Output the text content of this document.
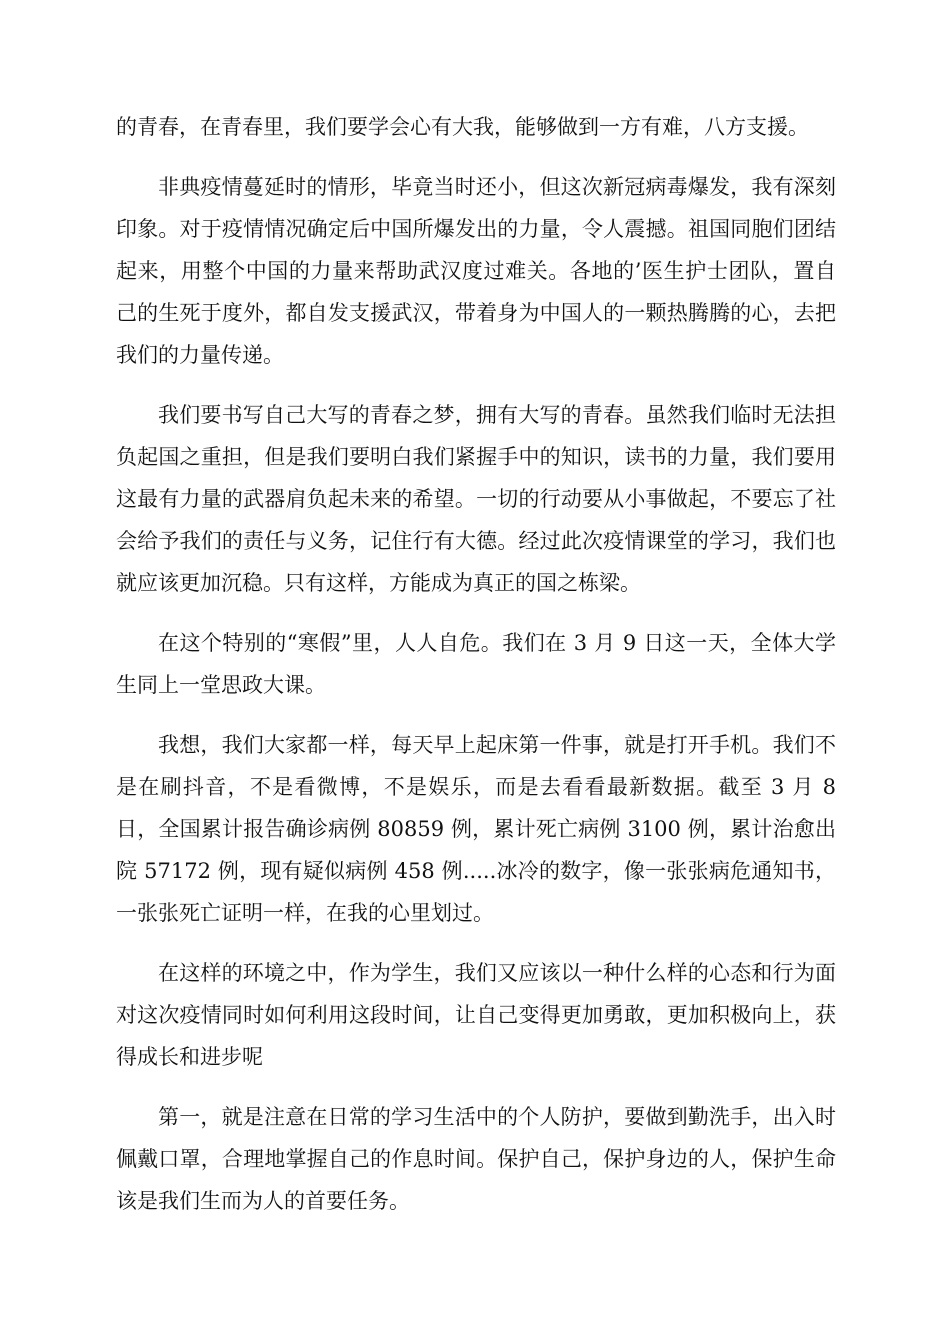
的青春，在青春里，我们要学会心有大我，能够做到一方有难，八方支援。

非典疫情蔓延时的情形，毕竟当时还小，但这次新冠病毒爆发，我有深刻印象。对于疫情情况确定后中国所爆发出的力量，令人震撼。祖国同胞们团结起来，用整个中国的力量来帮助武汉度过难关。各地的’医生护士团队，置自己的生死于度外，都自发支援武汉，带着身为中国人的一颗热腾腾的心，去把我们的力量传递。

我们要书写自己大写的青春之梦，拥有大写的青春。虽然我们临时无法担负起国之重担，但是我们要明白我们紧握手中的知识，读书的力量，我们要用这最有力量的武器肩负起未来的希望。一切的行动要从小事做起，不要忘了社会给予我们的责任与义务，记住行有大德。经过此次疫情课堂的学习，我们也就应该更加沉稳。只有这样，方能成为真正的国之栋梁。

在这个特别的“寒假”里，人人自危。我们在 3 月 9 日这一天，全体大学生同上一堂思政大课。

我想，我们大家都一样，每天早上起床第一件事，就是打开手机。我们不是在刷抖音，不是看微博，不是娱乐，而是去看看最新数据。截至 3 月 8 日，全国累计报告确诊病例 80859 例，累计死亡病例 3100 例，累计治愈出院 57172 例，现有疑似病例 458 例.....冰冷的数字，像一张张病危通知书，一张张死亡证明一样，在我的心里划过。

在这样的环境之中，作为学生，我们又应该以一种什么样的心态和行为面对这次疫情同时如何利用这段时间，让自己变得更加勇敢，更加积极向上，获得成长和进步呢

第一，就是注意在日常的学习生活中的个人防护，要做到勤洗手，出入时佩戴口罩，合理地掌握自己的作息时间。保护自己，保护身边的人，保护生命该是我们生而为人的首要任务。
